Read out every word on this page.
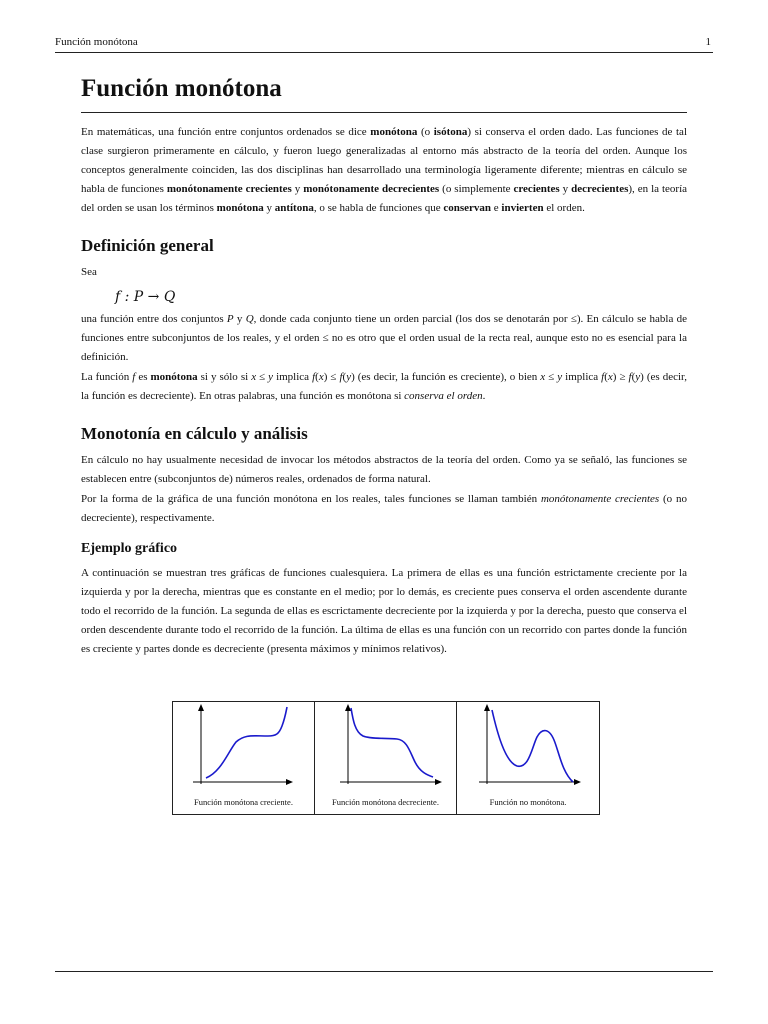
Función monótona	1
Función monótona

En matemáticas, una función entre conjuntos ordenados se dice monótona (o isótona) si conserva el orden dado. Las funciones de tal clase surgieron primeramente en cálculo, y fueron luego generalizadas al entorno más abstracto de la teoría del orden. Aunque los conceptos generalmente coinciden, las dos disciplinas han desarrollado una terminología ligeramente diferente; mientras en cálculo se habla de funciones monótonamente crecientes y monótonamente decrecientes (o simplemente crecientes y decrecientes), en la teoría del orden se usan los términos monótona y antítona, o se habla de funciones que conservan e invierten el orden.

Definición general

Sea

f : P → Q

una función entre dos conjuntos P y Q, donde cada conjunto tiene un orden parcial (los dos se denotarán por ≤). En cálculo se habla de funciones entre subconjuntos de los reales, y el orden ≤ no es otro que el orden usual de la recta real, aunque esto no es esencial para la definición.

La función f es monótona si y sólo si x ≤ y implica f(x) ≤ f(y) (es decir, la función es creciente), o bien x ≤ y implica f(x) ≥ f(y) (es decir, la función es decreciente). En otras palabras, una función es monótona si conserva el orden.

Monotonía en cálculo y análisis

En cálculo no hay usualmente necesidad de invocar los métodos abstractos de la teoría del orden. Como ya se señaló, las funciones se establecen entre (subconjuntos de) números reales, ordenados de forma natural.

Por la forma de la gráfica de una función monótona en los reales, tales funciones se llaman también monótonamente crecientes (o no decreciente), respectivamente.

Ejemplo gráfico

A continuación se muestran tres gráficas de funciones cualesquiera. La primera de ellas es una función estrictamente creciente por la izquierda y por la derecha, mientras que es constante en el medio; por lo demás, es creciente pues conserva el orden ascendente durante todo el recorrido de la función. La segunda de ellas es escrictamente decreciente por la izquierda y por la derecha, puesto que conserva el orden descendente durante todo el recorrido de la función. La última de ellas es una función con un recorrido con partes donde la función es creciente y partes donde es decreciente (presenta máximos y mínimos relativos).

Función monótona creciente.	Función monótona decreciente.	Función no monótona.
